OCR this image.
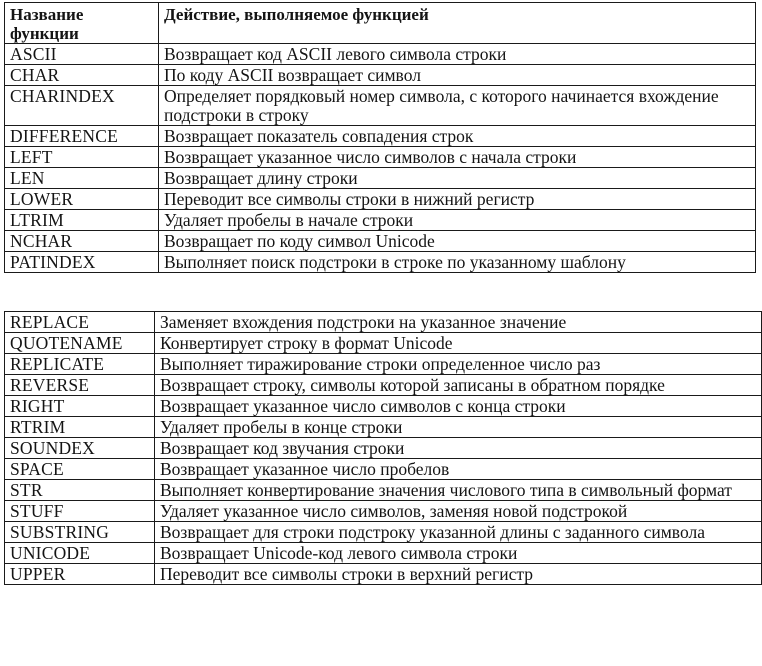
Название
функции	Действие, выполняемое функцией
ASCII	Возвращает код ASCII левого символа строки
CHAR	По коду ASCII возвращает символ
CHARINDEX	Определяет порядковый номер символа, с которого начинается вхождение подстроки в строку
DIFFERENCE	Возвращает показатель совпадения строк
LEFT	Возвращает указанное число символов с начала строки
LEN	Возвращает длину строки
LOWER	Переводит все символы строки в нижний регистр
LTRIM	Удаляет пробелы в начале строки
NCHAR	Возвращает по коду символ Unicode
PATINDEX	Выполняет поиск подстроки в строке по указанному шаблону
REPLACE	Заменяет вхождения подстроки на указанное значение
QUOTENAME	Конвертирует строку в формат Unicode
REPLICATE	Выполняет тиражирование строки определенное число раз
REVERSE	Возвращает строку, символы которой записаны в обратном порядке
RIGHT	Возвращает указанное число символов с конца строки
RTRIM	Удаляет пробелы в конце строки
SOUNDEX	Возвращает код звучания строки
SPACE	Возвращает указанное число пробелов
STR	Выполняет конвертирование значения числового типа в символьный формат
STUFF	Удаляет указанное число символов, заменяя новой подстрокой
SUBSTRING	Возвращает для строки подстроку указанной длины с заданного символа
UNICODE	Возвращает Unicode-код левого символа строки
UPPER	Переводит все символы строки в верхний регистр
